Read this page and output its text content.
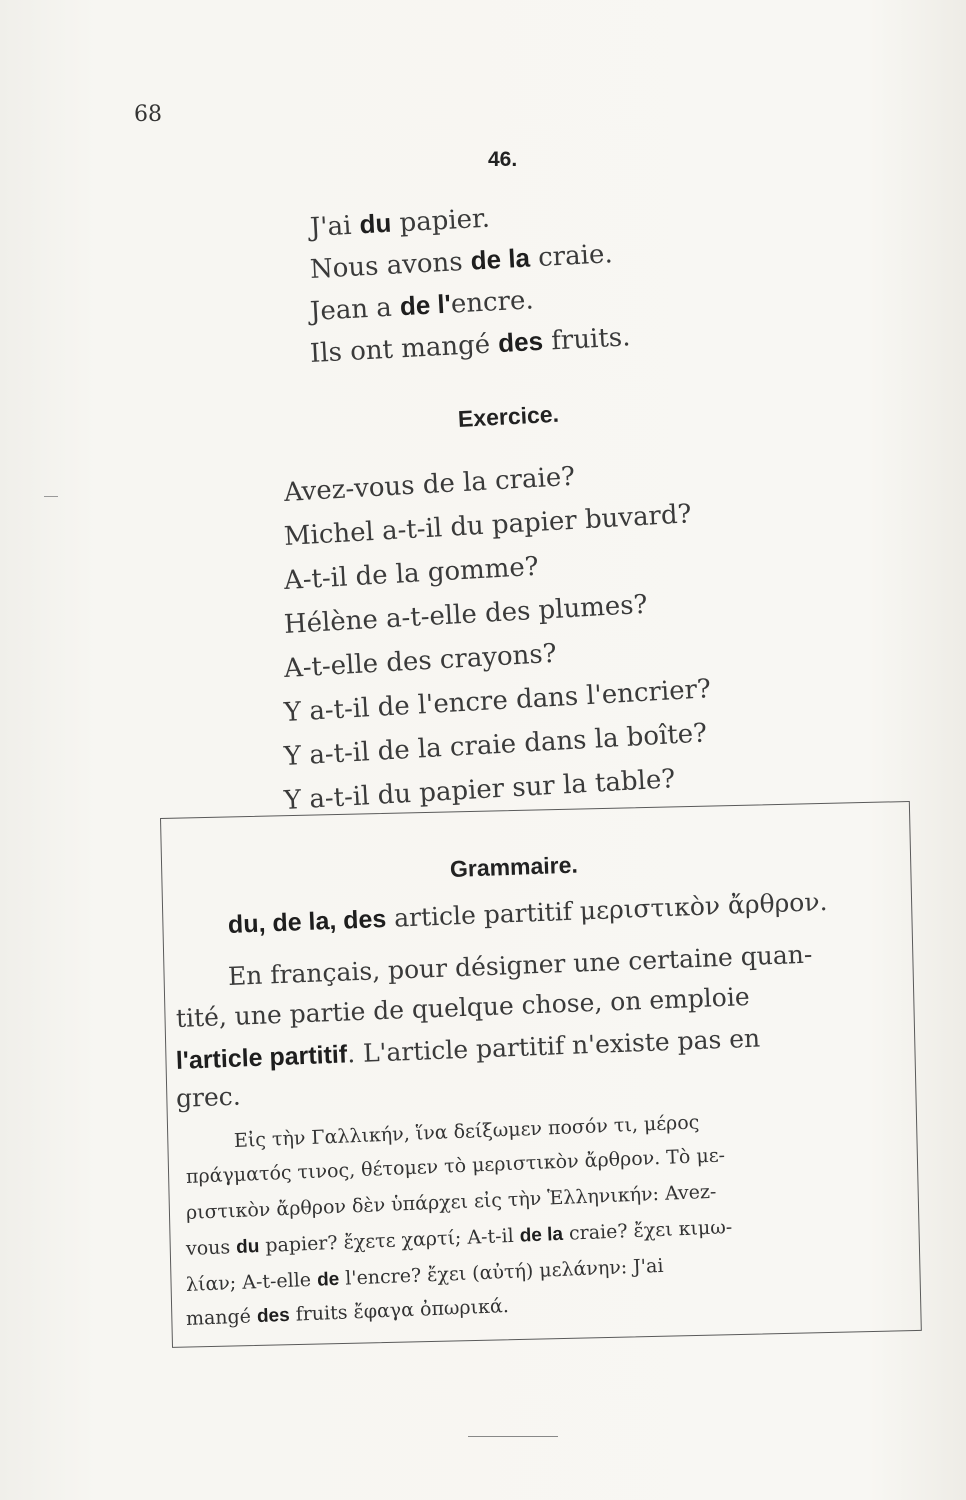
68
46.
J'ai du papier.
Nous avons de la craie.
Jean a de l'encre.
Ils ont mangé des fruits.
Exercice.
Avez-vous de la craie?
Michel a-t-il du papier buvard?
A-t-il de la gomme?
Hélène a-t-elle des plumes?
A-t-elle des crayons?
Y a-t-il de l'encre dans l'encrier?
Y a-t-il de la craie dans la boîte?
Y a-t-il du papier sur la table?
Grammaire.
du, de la, des article partitif μεριστικὸν ἄρθρον.
En français, pour désigner une certaine quan-
tité, une partie de quelque chose, on emploie
l'article partitif. L'article partitif n'existe pas en
grec.
Εἰς τὴν Γαλλικήν, ἵνα δείξωμεν ποσόν τι, μέρος
πράγματός τινος, θέτομεν τὸ μεριστικὸν ἄρθρον. Τὸ με-
ριστικὸν ἄρθρον δὲν ὑπάρχει εἰς τὴν Ἑλληνικήν: Avez-
vous du papier? ἔχετε χαρτί; A-t-il de la craie? ἔχει κιμω-
λίαν; A-t-elle de l'encre? ἔχει (αὐτή) μελάνην: J'ai
mangé des fruits ἔφαγα ὀπωρικά.
